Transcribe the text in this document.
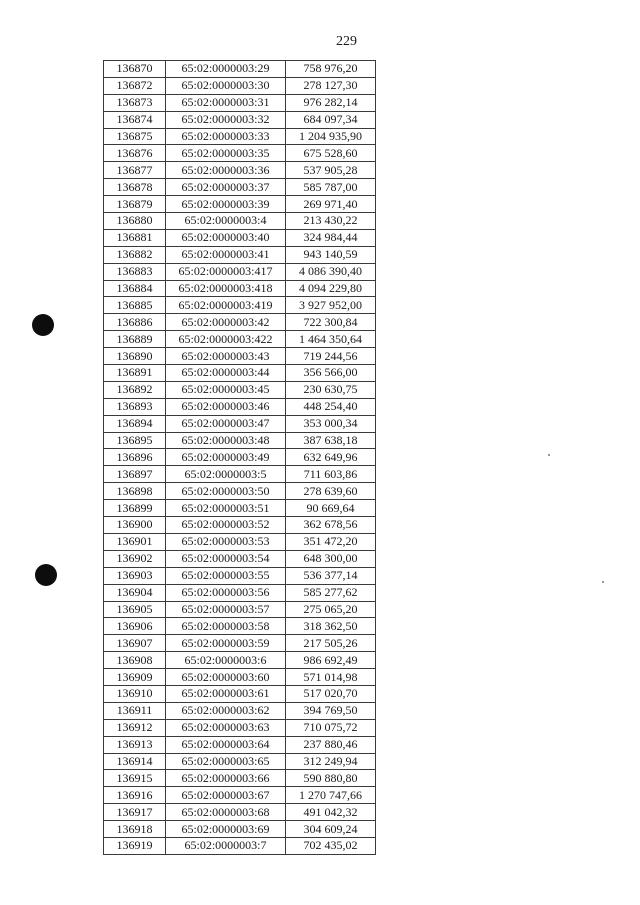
229
136870	65:02:0000003:29	758 976,20
136872	65:02:0000003:30	278 127,30
136873	65:02:0000003:31	976 282,14
136874	65:02:0000003:32	684 097,34
136875	65:02:0000003:33	1 204 935,90
136876	65:02:0000003:35	675 528,60
136877	65:02:0000003:36	537 905,28
136878	65:02:0000003:37	585 787,00
136879	65:02:0000003:39	269 971,40
136880	65:02:0000003:4	213 430,22
136881	65:02:0000003:40	324 984,44
136882	65:02:0000003:41	943 140,59
136883	65:02:0000003:417	4 086 390,40
136884	65:02:0000003:418	4 094 229,80
136885	65:02:0000003:419	3 927 952,00
136886	65:02:0000003:42	722 300,84
136889	65:02:0000003:422	1 464 350,64
136890	65:02:0000003:43	719 244,56
136891	65:02:0000003:44	356 566,00
136892	65:02:0000003:45	230 630,75
136893	65:02:0000003:46	448 254,40
136894	65:02:0000003:47	353 000,34
136895	65:02:0000003:48	387 638,18
136896	65:02:0000003:49	632 649,96
136897	65:02:0000003:5	711 603,86
136898	65:02:0000003:50	278 639,60
136899	65:02:0000003:51	90 669,64
136900	65:02:0000003:52	362 678,56
136901	65:02:0000003:53	351 472,20
136902	65:02:0000003:54	648 300,00
136903	65:02:0000003:55	536 377,14
136904	65:02:0000003:56	585 277,62
136905	65:02:0000003:57	275 065,20
136906	65:02:0000003:58	318 362,50
136907	65:02:0000003:59	217 505,26
136908	65:02:0000003:6	986 692,49
136909	65:02:0000003:60	571 014,98
136910	65:02:0000003:61	517 020,70
136911	65:02:0000003:62	394 769,50
136912	65:02:0000003:63	710 075,72
136913	65:02:0000003:64	237 880,46
136914	65:02:0000003:65	312 249,94
136915	65:02:0000003:66	590 880,80
136916	65:02:0000003:67	1 270 747,66
136917	65:02:0000003:68	491 042,32
136918	65:02:0000003:69	304 609,24
136919	65:02:0000003:7	702 435,02
